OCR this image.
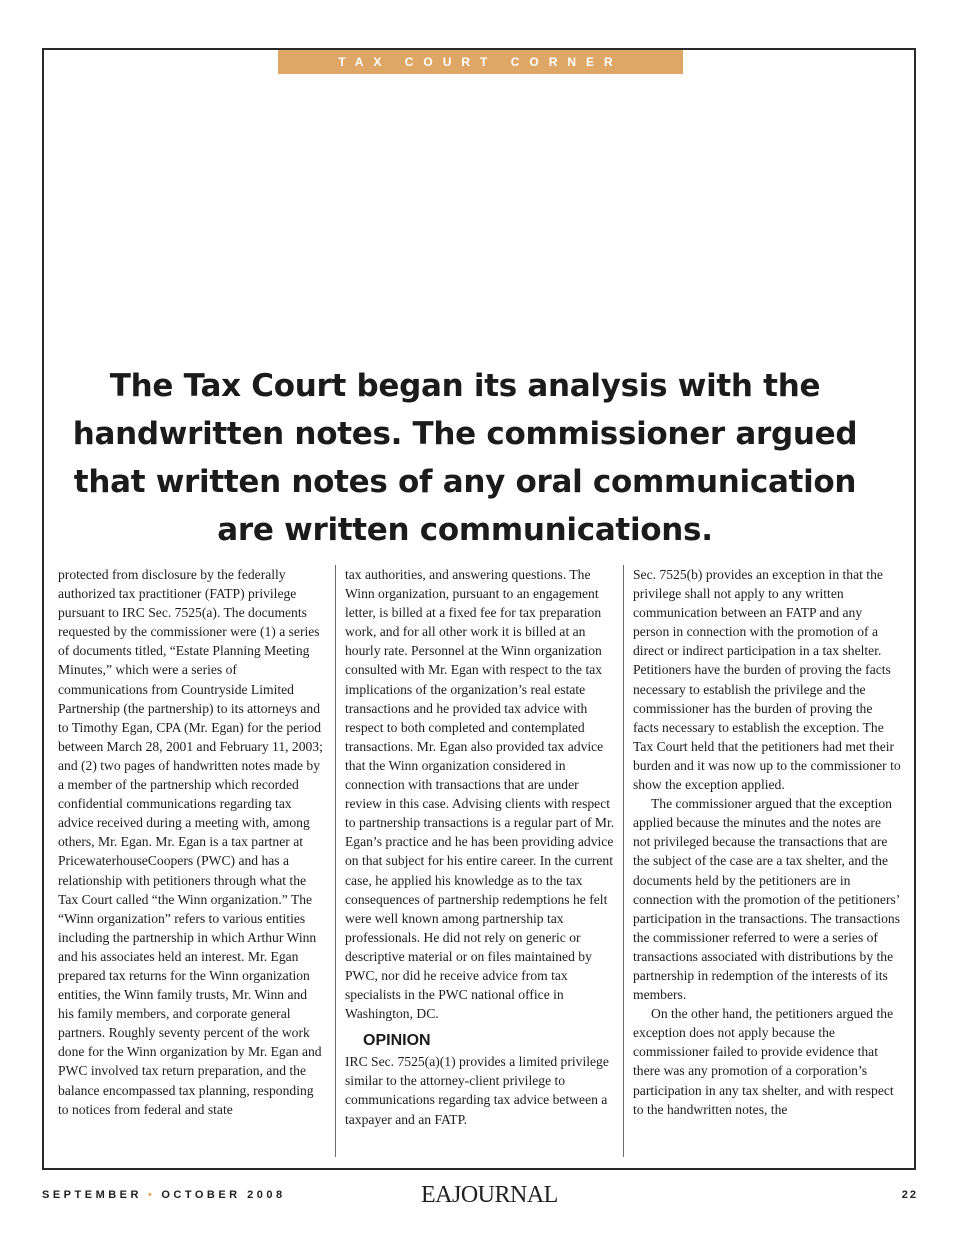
TAX COURT CORNER
The Tax Court began its analysis with the handwritten notes. The commissioner argued that written notes of any oral communication are written communications.

protected from disclosure by the federally authorized tax practitioner (FATP) privilege pursuant to IRC Sec. 7525(a). The documents requested by the commissioner were (1) a series of documents titled, “Estate Planning Meeting Minutes,” which were a series of communications from Countryside Limited Partnership (the partnership) to its attorneys and to Timothy Egan, CPA (Mr. Egan) for the period between March 28, 2001 and February 11, 2003; and (2) two pages of handwritten notes made by a member of the partnership which recorded confidential communications regarding tax advice received during a meeting with, among others, Mr. Egan. Mr. Egan is a tax partner at PricewaterhouseCoopers (PWC) and has a relationship with petitioners through what the Tax Court called “the Winn organization.” The “Winn organization” refers to various entities including the partnership in which Arthur Winn and his associates held an interest. Mr. Egan prepared tax returns for the Winn organization entities, the Winn family trusts, Mr. Winn and his family members, and corporate general partners. Roughly seventy percent of the work done for the Winn organization by Mr. Egan and PWC involved tax return preparation, and the balance encompassed tax planning, responding to notices from federal and state

tax authorities, and answering questions. The Winn organization, pursuant to an engagement letter, is billed at a fixed fee for tax preparation work, and for all other work it is billed at an hourly rate. Personnel at the Winn organization consulted with Mr. Egan with respect to the tax implications of the organization’s real estate transactions and he provided tax advice with respect to both completed and contemplated transactions. Mr. Egan also provided tax advice that the Winn organization considered in connection with transactions that are under review in this case. Advising clients with respect to partnership transactions is a regular part of Mr. Egan’s practice and he has been providing advice on that subject for his entire career. In the current case, he applied his knowledge as to the tax consequences of partnership redemptions he felt were well known among partnership tax professionals. He did not rely on generic or descriptive material or on files maintained by PWC, nor did he receive advice from tax specialists in the PWC national office in Washington, DC.

OPINION

IRC Sec. 7525(a)(1) provides a limited privilege similar to the attorney-client privilege to communications regarding tax advice between a taxpayer and an FATP.

Sec. 7525(b) provides an exception in that the privilege shall not apply to any written communication between an FATP and any person in connection with the promotion of a direct or indirect participation in a tax shelter. Petitioners have the burden of proving the facts necessary to establish the privilege and the commissioner has the burden of proving the facts necessary to establish the exception. The Tax Court held that the petitioners had met their burden and it was now up to the commissioner to show the exception applied.

The commissioner argued that the exception applied because the minutes and the notes are not privileged because the transactions that are the subject of the case are a tax shelter, and the documents held by the petitioners are in connection with the promotion of the petitioners’ participation in the transactions. The transactions the commissioner referred to were a series of transactions associated with distributions by the partnership in redemption of the interests of its members.

On the other hand, the petitioners argued the exception does not apply because the commissioner failed to provide evidence that there was any promotion of a corporation’s participation in any tax shelter, and with respect to the handwritten notes, the

SEPTEMBER • OCTOBER 2008	EAJOURNAL	22
